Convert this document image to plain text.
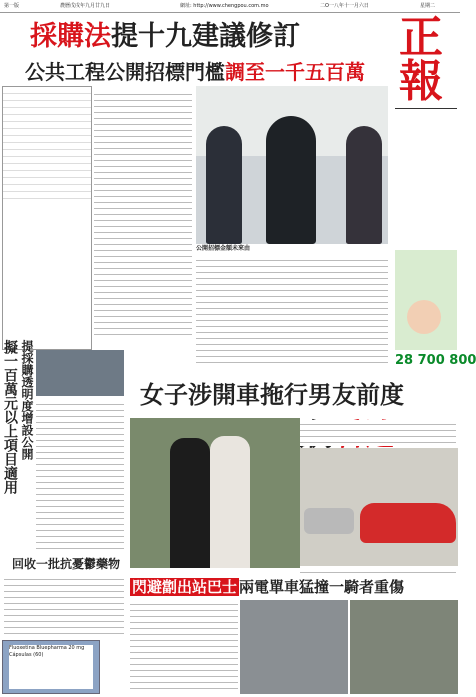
第一版	農曆戊戌年九月廿九日	網址: http://www.chengpou.com.mo	二O一八年十一月六日	星期二
採購法提十九建議修訂
公共工程公開招標門檻調至一千五百萬
正報
28 700 800
公開招標金額未來由
擬一百萬元以上項目適用 提採購透明度增設公開	女子涉開車拖行男友前度
回收一批抗憂鬱藥物
Fluoxetina Bluepharma 20 mg Cápsulas (60)
閃避劏出站巴士 兩電單車猛撞一騎者重傷
